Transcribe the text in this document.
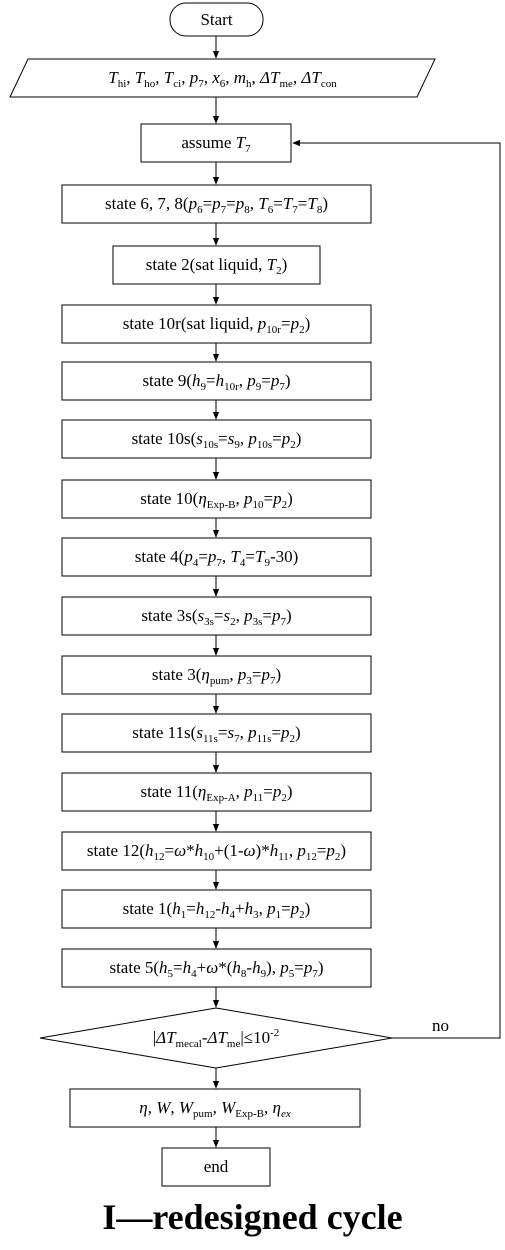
Start
$T_{hi}$, $T_{ho}$, $T_{ci}$, $p_7$, $x_6$, $m_h$, $\Delta T_{me}$, $\Delta T_{con}$
assume $T_7$
state 6, 7, $8(p_6=p_7=p_8$, $T_6=T_7=T_8$)
state 2(sat liquid, $T_2$)
state 10r(sat liquid, $p_{10r}=p_2$)
state $9(h_9=h_{10r}$, $p_9=p_7$)
state $10s(s_{10s}=s_9$, $p_{10s}=p_2$)
state $10(\eta_{Exp-B}$, $p_{10}=p_2$)
state $4(p_4=p_7$, $T_4=T_9-30$)
state $3s(s_{3s}=s_2$, $p_{3s}=p_7$)
state $3(\eta_{pum}$, $p_3=p_7$)
state $11s(s_{11s}=s_7$, $p_{11s}=p_2$)
state $11(\eta_{Exp-A}$, $p_{11}=p_2$)
state $12(h_{12}=\omega*h_{10}+(1-\omega)*h_{11}$, $p_{12}=p_2$)
state $1(h_1=h_{12}-h_4+h_3$, $p_1=p_2$)
state $5(h_5=h_4+\omega*(h_8-h_9)$, $p_5=p_7$)
$|\Delta T_{mecal}-\Delta T_{me}|\le 10^{-2}$
η, W, $W_{pum}$, $W_{Exp-B}$, $\eta_{ex}$
end
no
I—redesigned cycle
